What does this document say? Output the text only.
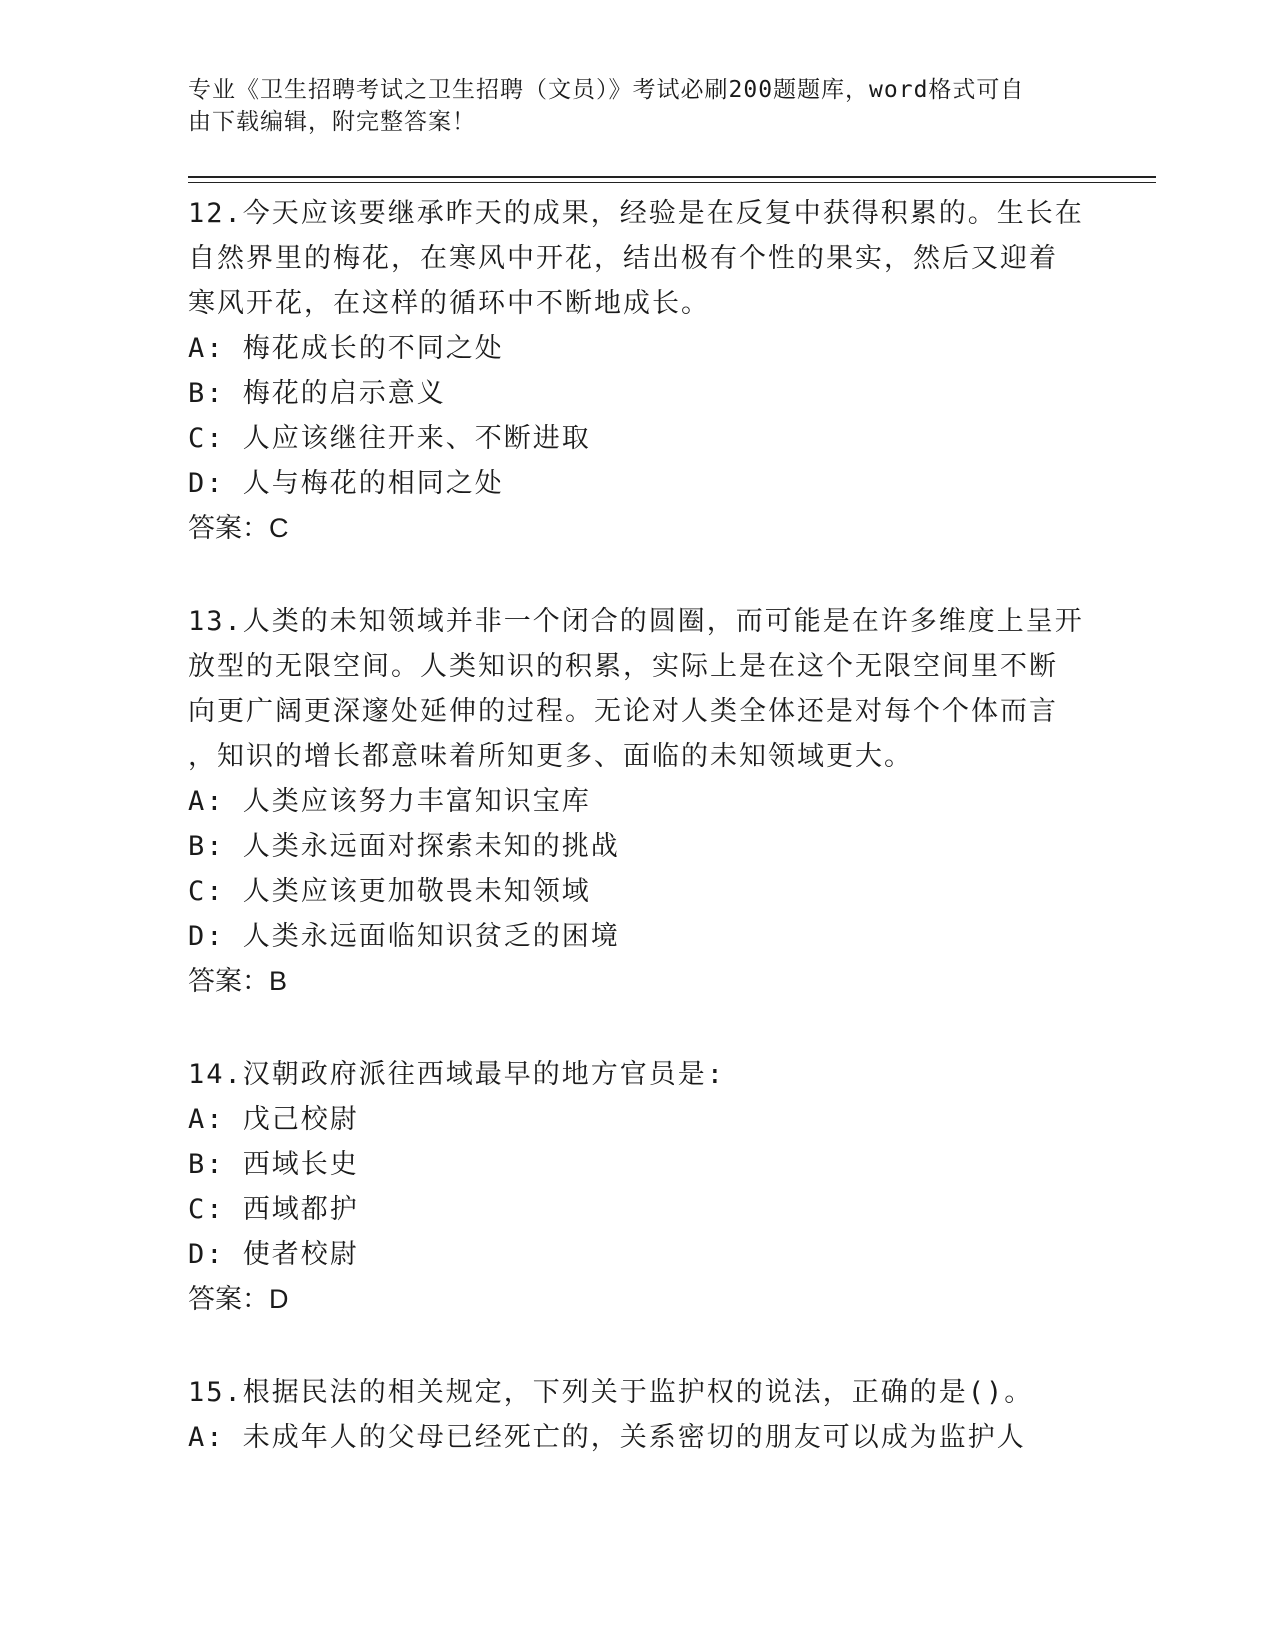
专业《卫生招聘考试之卫生招聘（文员）》考试必刷200题题库，word格式可自
由下载编辑，附完整答案！

12.今天应该要继承昨天的成果，经验是在反复中获得积累的。生长在

自然界里的梅花，在寒风中开花，结出极有个性的果实，然后又迎着

寒风开花，在这样的循环中不断地成长。

A: 梅花成长的不同之处

B: 梅花的启示意义

C: 人应该继往开来、不断进取

D: 人与梅花的相同之处

答案：C

13.人类的未知领域并非一个闭合的圆圈，而可能是在许多维度上呈开

放型的无限空间。人类知识的积累，实际上是在这个无限空间里不断

向更广阔更深邃处延伸的过程。无论对人类全体还是对每个个体而言

，知识的增长都意味着所知更多、面临的未知领域更大。

A: 人类应该努力丰富知识宝库

B: 人类永远面对探索未知的挑战

C: 人类应该更加敬畏未知领域

D: 人类永远面临知识贫乏的困境

答案：B

14.汉朝政府派往西域最早的地方官员是:

A: 戊己校尉

B: 西域长史

C: 西域都护

D: 使者校尉

答案：D

15.根据民法的相关规定，下列关于监护权的说法，正确的是()。

A: 未成年人的父母已经死亡的，关系密切的朋友可以成为监护人
